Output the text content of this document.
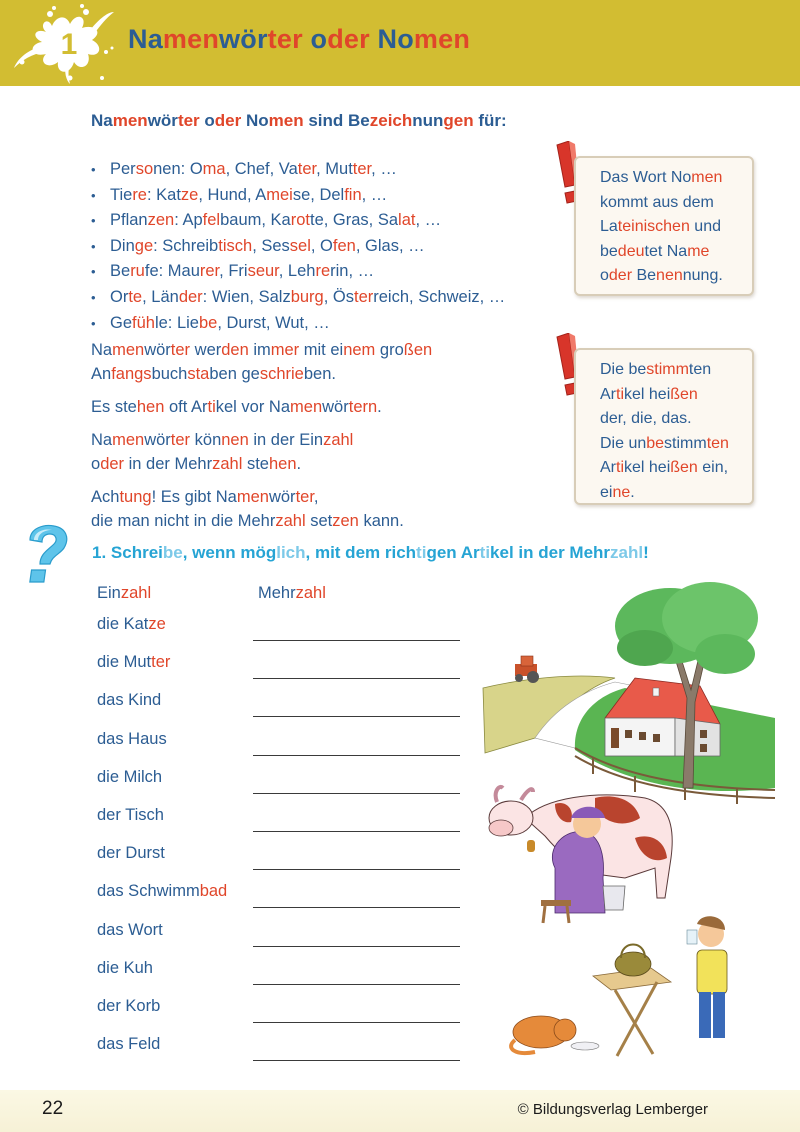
1 Namenwörter oder Nomen
Namenwörter oder Nomen sind Bezeichnungen für:
• Personen: Oma, Chef, Vater, Mutter, …
• Tiere: Katze, Hund, Ameise, Delfin, …
• Pflanzen: Apfelbaum, Karotte, Gras, Salat, …
• Dinge: Schreibtisch, Sessel, Ofen, Glas, …
• Berufe: Maurer, Friseur, Lehrerin, …
• Orte, Länder: Wien, Salzburg, Österreich, Schweiz, …
• Gefühle: Liebe, Durst, Wut, …

Namenwörter werden immer mit einem großen
Anfangsbuchstaben geschrieben.

Es stehen oft Artikel vor Namenwörtern.

Namenwörter können in der Einzahl
oder in der Mehrzahl stehen.

Achtung! Es gibt Namenwörter,
die man nicht in die Mehrzahl setzen kann.

Das Wort Nomen

kommt aus dem

Lateinischen und

bedeutet Name

oder Benennung.

Die bestimmten

Artikel heißen

der, die, das.

Die unbestimmten

Artikel heißen ein,

eine.

1. Schreibe, wenn möglich, mit dem richtigen Artikel in der Mehrzahl!
Einzahl	Mehrzahl
die Katze
die Mutter
das Kind
das Haus
die Milch
der Tisch
der Durst
das Schwimmbad
das Wort
die Kuh
der Korb
das Feld
22	© Bildungsverlag Lemberger
